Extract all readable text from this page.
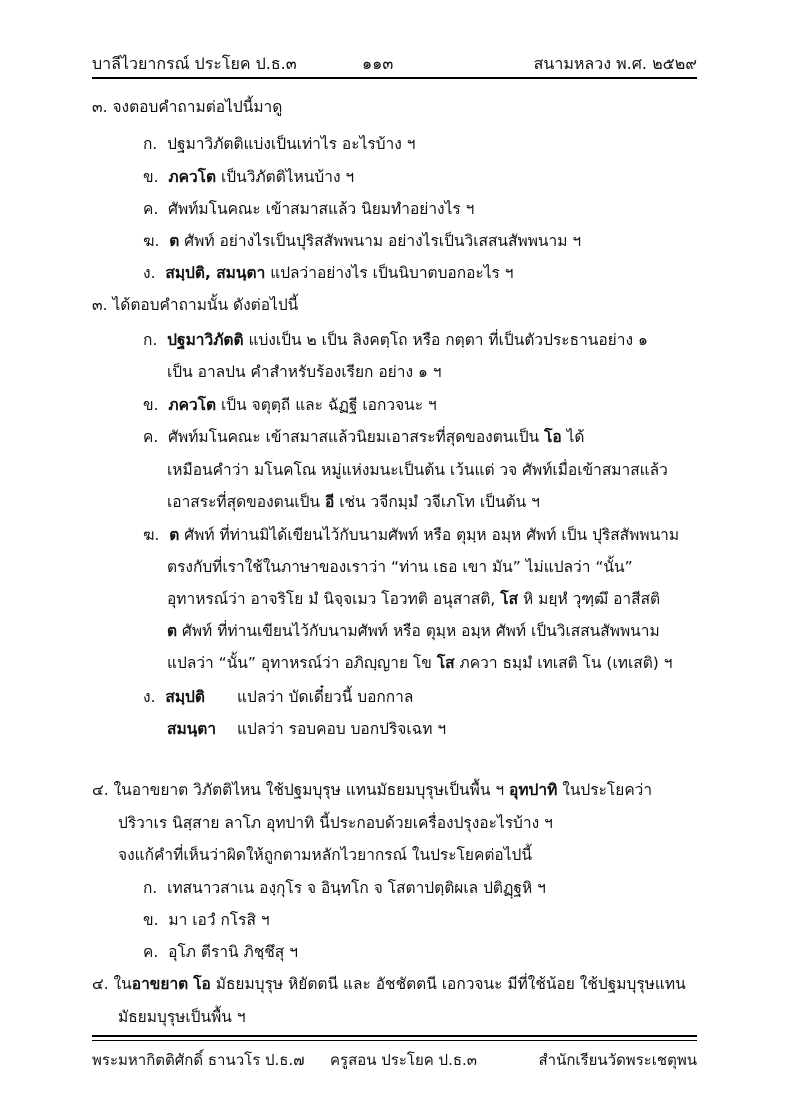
บาลีไวยากรณ์ ประโยค ป.ธ.๓	๑๑๓	สนามหลวง พ.ศ. ๒๕๒๙
๓. จงตอบคำถามต่อไปนี้มาดู
ก. ปฐมาวิภัตติแบ่งเป็นเท่าไร อะไรบ้าง ฯ
ข. ภควโต เป็นวิภัตติไหนบ้าง ฯ
ค. ศัพท์มโนคณะ เข้าสมาสแล้ว นิยมทำอย่างไร ฯ
ฆ. ต ศัพท์ อย่างไรเป็นปุริสสัพพนาม อย่างไรเป็นวิเสสนสัพพนาม ฯ
ง. สมฺปติ, สมนฺตา แปลว่าอย่างไร เป็นนิบาตบอกอะไร ฯ
๓. ได้ตอบคำถามนั้น ดังต่อไปนี้
ก. ปฐมาวิภัตติ แบ่งเป็น ๒ เป็น ลิงคตฺโถ หรือ กตฺตา ที่เป็นตัวประธานอย่าง ๑
เป็น อาลปน คำสำหรับร้องเรียก อย่าง ๑ ฯ
ข. ภควโต เป็น จตุตฺถี และ ฉัฏฐี เอกวจนะ ฯ
ค. ศัพท์มโนคณะ เข้าสมาสแล้วนิยมเอาสระที่สุดของตนเป็น โอ ได้
เหมือนคำว่า มโนคโณ หมู่แห่งมนะเป็นต้น เว้นแต่ วจ ศัพท์เมื่อเข้าสมาสแล้ว
เอาสระที่สุดของตนเป็น อี เช่น วจีกมฺมํ วจีเภโท เป็นต้น ฯ
ฆ. ต ศัพท์ ที่ท่านมิได้เขียนไว้กับนามศัพท์ หรือ ตุมฺห อมฺห ศัพท์ เป็น ปุริสสัพพนาม
ตรงกับที่เราใช้ในภาษาของเราว่า “ท่าน เธอ เขา มัน” ไม่แปลว่า “นั้น”
อุทาหรณ์ว่า อาจริโย มํ นิจฺจเมว โอวทติ อนุสาสติ, โส หิ มยฺหํ วุฑฺฒึ อาสีสติ
ต ศัพท์ ที่ท่านเขียนไว้กับนามศัพท์ หรือ ตุมฺห อมฺห ศัพท์ เป็นวิเสสนสัพพนาม
แปลว่า “นั้น” อุทาหรณ์ว่า อภิญฺญาย โข โส ภควา ธมฺมํ เทเสติ โน (เทเสติ) ฯ
ง. สมฺปติ แปลว่า บัดเดี๋ยวนี้ บอกกาล
สมนฺตา แปลว่า รอบคอบ บอกปริจเฉท ฯ
๔. ในอาขยาต วิภัตติไหน ใช้ปฐมบุรุษ แทนมัธยมบุรุษเป็นพื้น ฯ อุทปาทิ ในประโยคว่า
ปริวาเร นิสฺสาย ลาโภ อุทปาทิ นี้ประกอบด้วยเครื่องปรุงอะไรบ้าง ฯ
จงแก้คำที่เห็นว่าผิดให้ถูกตามหลักไวยากรณ์ ในประโยคต่อไปนี้
ก. เทสนาวสาเน องฺกุโร จ อินฺทโก จ โสตาปตฺติผเล ปติฏฺฐหิ ฯ
ข. มา เอวํ กโรสิ ฯ
ค. อุโภ ตีรานิ ภิชฺชึสุ ฯ
๔. ในอาขยาต โอ มัธยมบุรุษ หิยัตตนี และ อัชชัตตนี เอกวจนะ มีที่ใช้น้อย ใช้ปฐมบุรุษแทน
มัธยมบุรุษเป็นพื้น ฯ
พระมหากิตติศักดิ์ ธานวโร ป.ธ.๗ ครูสอน ประโยค ป.ธ.๓	สำนักเรียนวัดพระเชตุพน
